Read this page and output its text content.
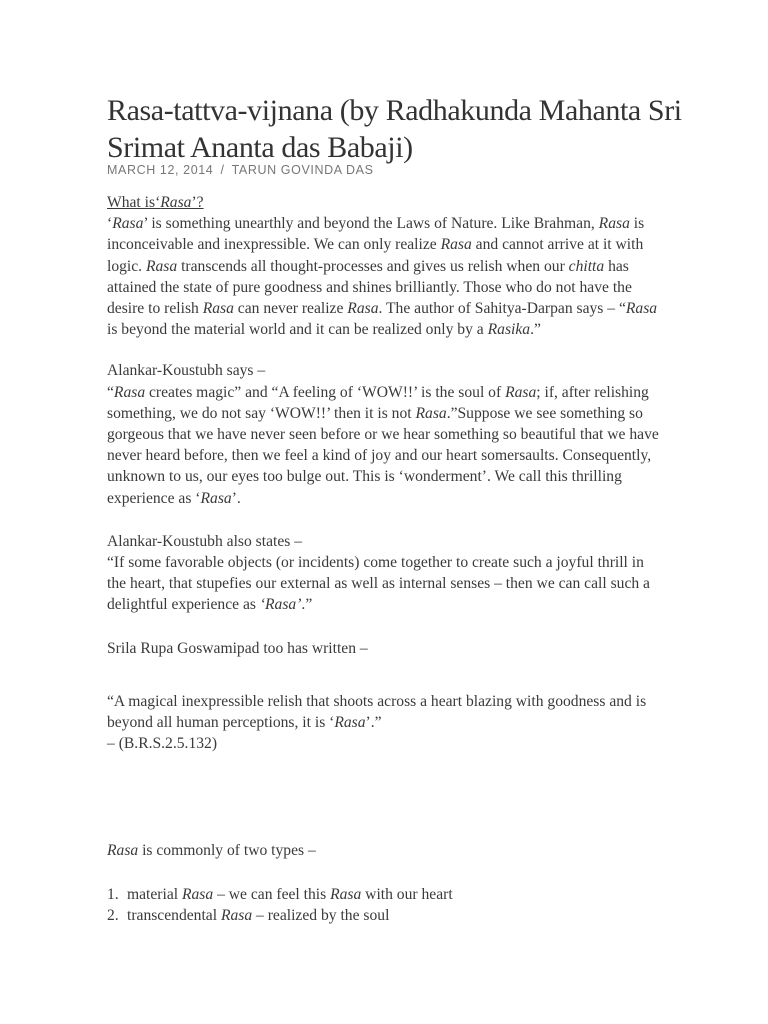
Rasa-tattva-vijnana (by Radhakunda Mahanta Sri Srimat Ananta das Babaji)
MARCH 12, 2014 / TARUN GOVINDA DAS

What is‘Rasa’?

‘Rasa’ is something unearthly and beyond the Laws of Nature. Like Brahman, Rasa is inconceivable and inexpressible. We can only realize Rasa and cannot arrive at it with logic. Rasa transcends all thought-processes and gives us relish when our chitta has attained the state of pure goodness and shines brilliantly. Those who do not have the desire to relish Rasa can never realize Rasa. The author of Sahitya-Darpan says – “Rasa is beyond the material world and it can be realized only by a Rasika.”

Alankar-Koustubh says –

“Rasa creates magic” and “A feeling of ‘WOW!!’ is the soul of Rasa; if, after relishing something, we do not say ‘WOW!!’ then it is not Rasa.”Suppose we see something so gorgeous that we have never seen before or we hear something so beautiful that we have never heard before, then we feel a kind of joy and our heart somersaults. Consequently, unknown to us, our eyes too bulge out. This is ‘wonderment’. We call this thrilling experience as ‘Rasa’.

Alankar-Koustubh also states –

“If some favorable objects (or incidents) come together to create such a joyful thrill in the heart, that stupefies our external as well as internal senses – then we can call such a delightful experience as ‘Rasa’.”

Srila Rupa Goswamipad too has written –

“A magical inexpressible relish that shoots across a heart blazing with goodness and is beyond all human perceptions, it is ‘Rasa’.”

– (B.R.S.2.5.132)

Rasa is commonly of two types –

1. material Rasa – we can feel this Rasa with our heart
2. transcendental Rasa – realized by the soul
